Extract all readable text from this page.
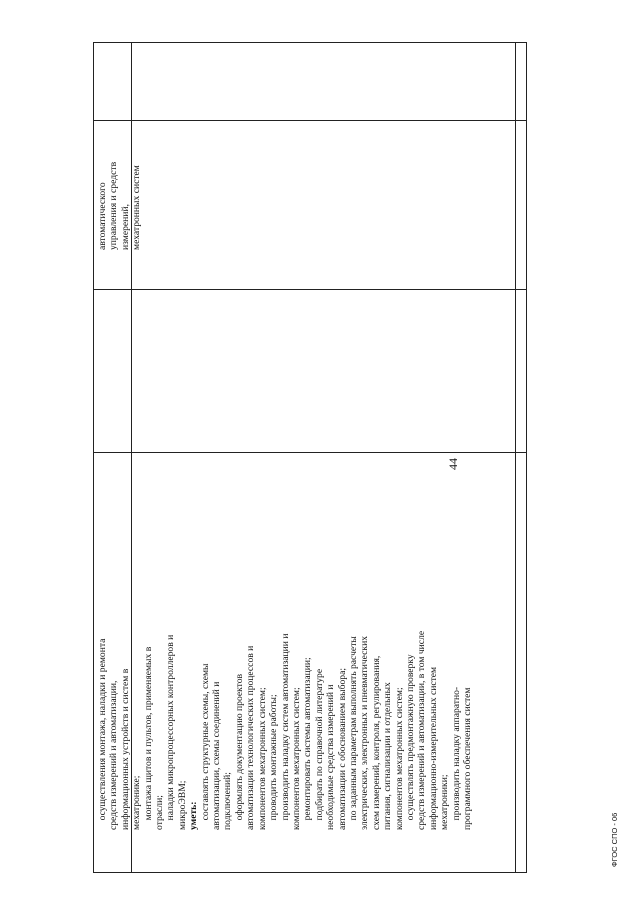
44
осуществления монтажа, наладки и ремонта средств измерений и автоматизации, информационных устройств и систем в мехатронике; монтажа щитов и пультов, применяемых в отрасли; наладки микропроцессорных контроллеров и микроЭВМ; уметь: составлять структурные схемы, схемы автоматизации, схемы соединений и подключений; оформлять документацию проектов автоматизации технологических процессов и компонентов мехатронных систем; проводить монтажные работы; производить наладку систем автоматизации и компонентов мехатронных систем; ремонтировать системы автоматизации; подбирать по справочной литературе необходимые средства измерений и автоматизации с обоснованием выбора; по заданным параметрам выполнять расчеты электрических, электронных и пневматических схем измерений, контроля, регулирования, питания, сигнализации и отдельных компонентов мехатронных систем; осуществлять предмонтажную проверку средств измерений и автоматизации, в том числе информационно-измерительных систем мехатроники; производить наладку аппаратно- программного обеспечения систем
автоматического управления и средств измерений, мехатронных систем
ФГОС СПО - 06
